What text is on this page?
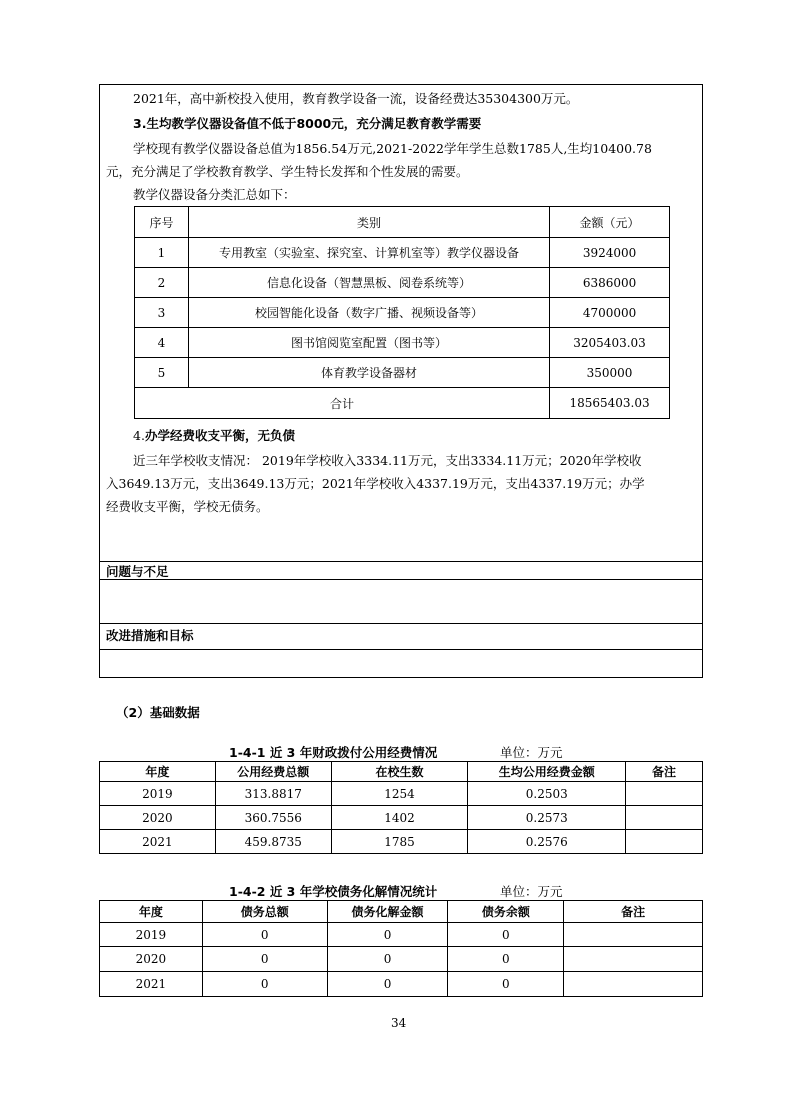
2021年，高中新校投入使用，教育教学设备一流，设备经费达35304300万元。
3.生均教学仪器设备值不低于8000元，充分满足教育教学需要
学校现有教学仪器设备总值为1856.54万元,2021-2022学年学生总数1785人,生均10400.78
元，充分满足了学校教育教学、学生特长发挥和个性发展的需要。
教学仪器设备分类汇总如下：
序号	类别	金额（元）
1	专用教室（实验室、探究室、计算机室等）教学仪器设备	3924000
2	信息化设备（智慧黑板、阅卷系统等）	6386000
3	校园智能化设备（数字广播、视频设备等）	4700000
4	图书馆阅览室配置（图书等）	3205403.03
5	体育教学设备器材	350000
合计		18565403.03
4.办学经费收支平衡，无负债
近三年学校收支情况： 2019年学校收入3334.11万元，支出3334.11万元；2020年学校收
入3649.13万元，支出3649.13万元；2021年学校收入4337.19万元，支出4337.19万元；办学
经费收支平衡，学校无债务。
问题与不足
改进措施和目标
（2）基础数据
1-4-1 近 3 年财政拨付公用经费情况	单位：万元
年度	公用经费总额	在校生数	生均公用经费金额	备注
2019	313.8817	1254	0.2503	
2020	360.7556	1402	0.2573	
2021	459.8735	1785	0.2576	
1-4-2 近 3 年学校债务化解情况统计	单位：万元
年度	债务总额	债务化解金额	债务余额	备注
2019	0	0	0	
2020	0	0	0	
2021	0	0	0	
34
